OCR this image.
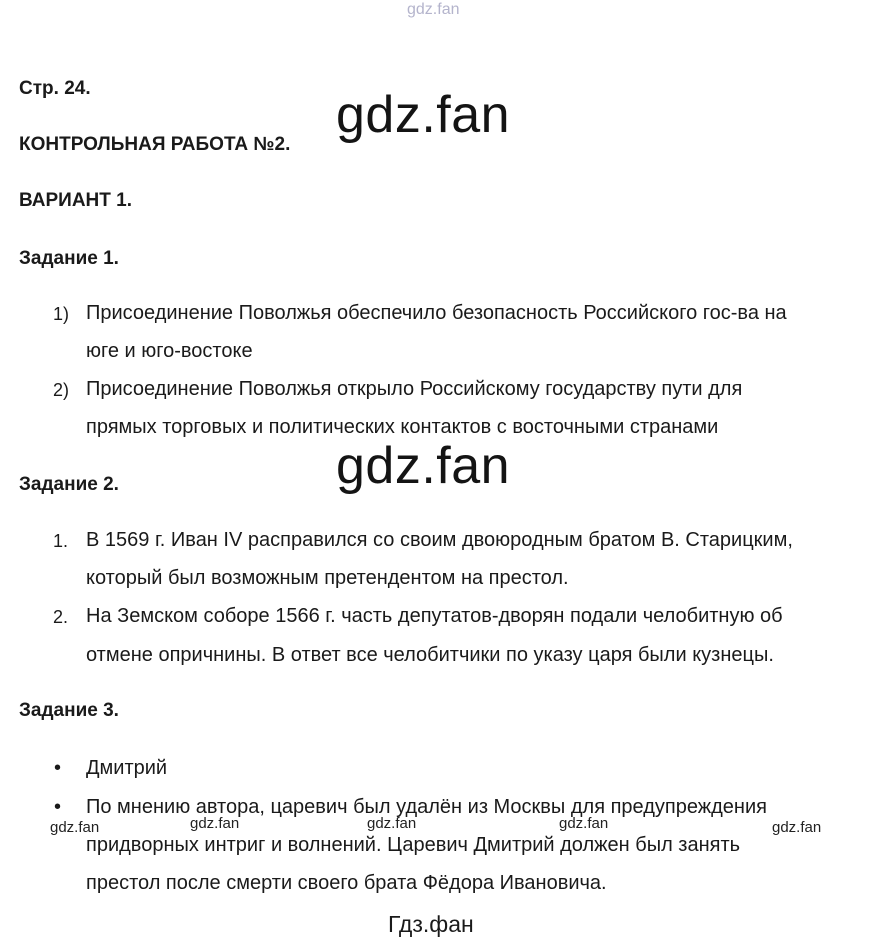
gdz.fan
Стр. 24.
КОНТРОЛЬНАЯ РАБОТА №2.
ВАРИАНТ 1.
Задание 1.
1) Присоединение Поволжья обеспечило безопасность Российского гос-ва на
юге и юго-востоке
2) Присоединение Поволжья открыло Российскому государству пути для
прямых торговых и политических контактов с восточными странами
Задание 2.
1. В 1569 г. Иван IV расправился со своим двоюродным братом В. Старицким,
который был возможным претендентом на престол.
2. На Земском соборе 1566 г. часть депутатов-дворян подали челобитную об
отмене опричнины. В ответ все челобитчики по указу царя были кузнецы.
Задание 3.
• Дмитрий
• По мнению автора, царевич был удалён из Москвы для предупреждения
придворных интриг и волнений. Царевич Дмитрий должен был занять
престол после смерти своего брата Фёдора Ивановича.
gdz.fan
gdz.fan
gdz.fan	gdz.fan	gdz.fan	gdz.fan	gdz.fan
Гдз.фан
